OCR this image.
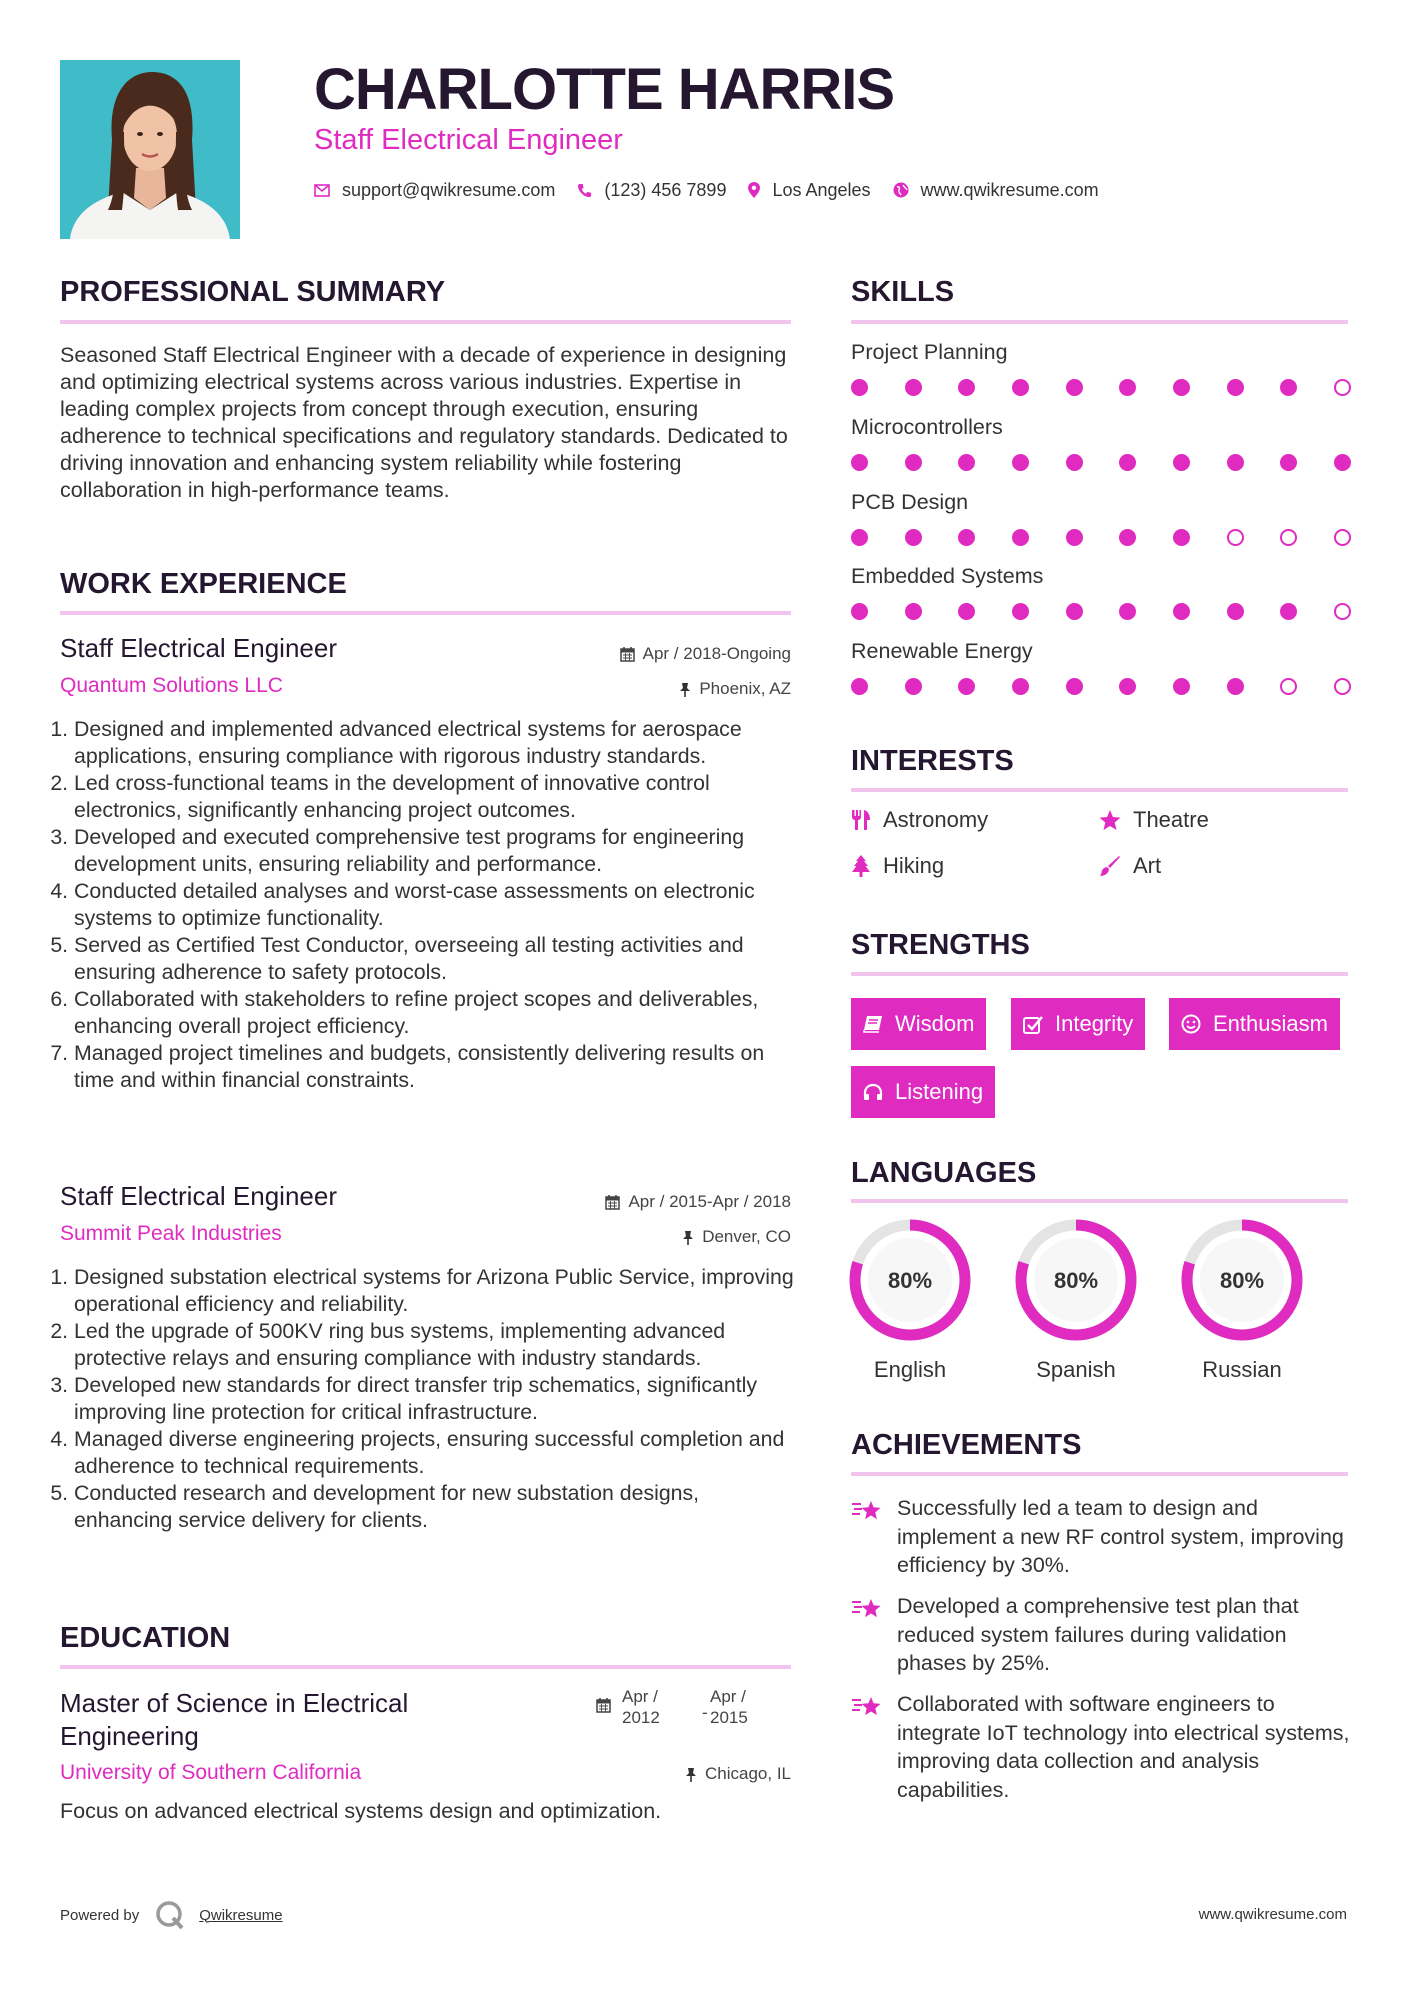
CHARLOTTE HARRIS
Staff Electrical Engineer
support@qwikresume.com	(123) 456 7899	Los Angeles	www.qwikresume.com
PROFESSIONAL SUMMARY
Seasoned Staff Electrical Engineer with a decade of experience in designing and optimizing electrical systems across various industries. Expertise in leading complex projects from concept through execution, ensuring adherence to technical specifications and regulatory standards. Dedicated to driving innovation and enhancing system reliability while fostering collaboration in high-performance teams.
WORK EXPERIENCE
Staff Electrical Engineer	Apr / 2018-Ongoing
Quantum Solutions LLC	Phoenix, AZ
1. Designed and implemented advanced electrical systems for aerospace applications, ensuring compliance with rigorous industry standards.
2. Led cross-functional teams in the development of innovative control electronics, significantly enhancing project outcomes.
3. Developed and executed comprehensive test programs for engineering development units, ensuring reliability and performance.
4. Conducted detailed analyses and worst-case assessments on electronic systems to optimize functionality.
5. Served as Certified Test Conductor, overseeing all testing activities and ensuring adherence to safety protocols.
6. Collaborated with stakeholders to refine project scopes and deliverables, enhancing overall project efficiency.
7. Managed project timelines and budgets, consistently delivering results on time and within financial constraints.
Staff Electrical Engineer	Apr / 2015-Apr / 2018
Summit Peak Industries	Denver, CO
1. Designed substation electrical systems for Arizona Public Service, improving operational efficiency and reliability.
2. Led the upgrade of 500KV ring bus systems, implementing advanced protective relays and ensuring compliance with industry standards.
3. Developed new standards for direct transfer trip schematics, significantly improving line protection for critical infrastructure.
4. Managed diverse engineering projects, ensuring successful completion and adherence to technical requirements.
5. Conducted research and development for new substation designs, enhancing service delivery for clients.
EDUCATION
Master of Science in Electrical
Engineering
University of Southern California
Apr /
2012
Apr /
2015
-
Chicago, IL
Focus on advanced electrical systems design and optimization.
SKILLS
Project Planning
Microcontrollers
PCB Design
Embedded Systems
Renewable Energy
INTERESTS
Astronomy	Theatre
Hiking	Art
STRENGTHS
Wisdom	Integrity	Enthusiasm
Listening
LANGUAGES
80%
English
80%
Spanish
80%
Russian
ACHIEVEMENTS
Successfully led a team to design and implement a new RF control system, improving efficiency by 30%.
Developed a comprehensive test plan that reduced system failures during validation phases by 25%.
Collaborated with software engineers to integrate IoT technology into electrical systems, improving data collection and analysis capabilities.
Powered by	Qwikresume	www.qwikresume.com
